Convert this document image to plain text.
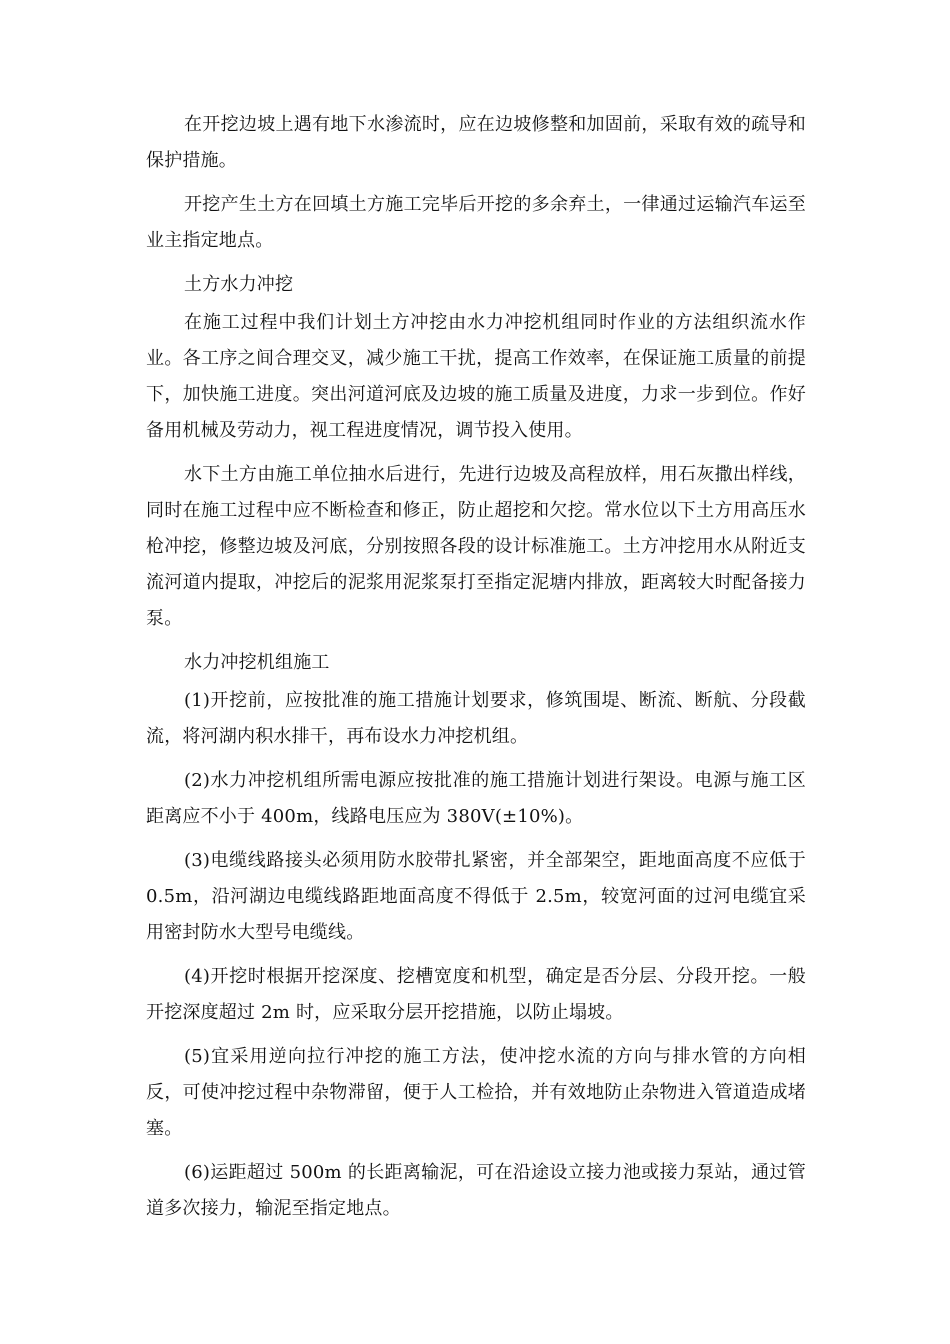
在开挖边坡上遇有地下水渗流时，应在边坡修整和加固前，采取有效的疏导和保护措施。

开挖产生土方在回填土方施工完毕后开挖的多余弃土，一律通过运输汽车运至业主指定地点。

土方水力冲挖

在施工过程中我们计划土方冲挖由水力冲挖机组同时作业的方法组织流水作业。各工序之间合理交叉，减少施工干扰，提高工作效率，在保证施工质量的前提下，加快施工进度。突出河道河底及边坡的施工质量及进度，力求一步到位。作好备用机械及劳动力，视工程进度情况，调节投入使用。

水下土方由施工单位抽水后进行，先进行边坡及高程放样，用石灰撒出样线，同时在施工过程中应不断检查和修正，防止超挖和欠挖。常水位以下土方用高压水枪冲挖，修整边坡及河底，分别按照各段的设计标准施工。土方冲挖用水从附近支流河道内提取，冲挖后的泥浆用泥浆泵打至指定泥塘内排放，距离较大时配备接力泵。

水力冲挖机组施工

(1)开挖前，应按批准的施工措施计划要求，修筑围堤、断流、断航、分段截流，将河湖内积水排干，再布设水力冲挖机组。

(2)水力冲挖机组所需电源应按批准的施工措施计划进行架设。电源与施工区距离应不小于 400m，线路电压应为 380V(±10%)。

(3)电缆线路接头必须用防水胶带扎紧密，并全部架空，距地面高度不应低于 0.5m，沿河湖边电缆线路距地面高度不得低于 2.5m，较宽河面的过河电缆宜采用密封防水大型号电缆线。

(4)开挖时根据开挖深度、挖槽宽度和机型，确定是否分层、分段开挖。一般开挖深度超过 2m 时，应采取分层开挖措施，以防止塌坡。

(5)宜采用逆向拉行冲挖的施工方法，使冲挖水流的方向与排水管的方向相反，可使冲挖过程中杂物滞留，便于人工检拾，并有效地防止杂物进入管道造成堵塞。

(6)运距超过 500m 的长距离输泥，可在沿途设立接力池或接力泵站，通过管道多次接力，输泥至指定地点。
